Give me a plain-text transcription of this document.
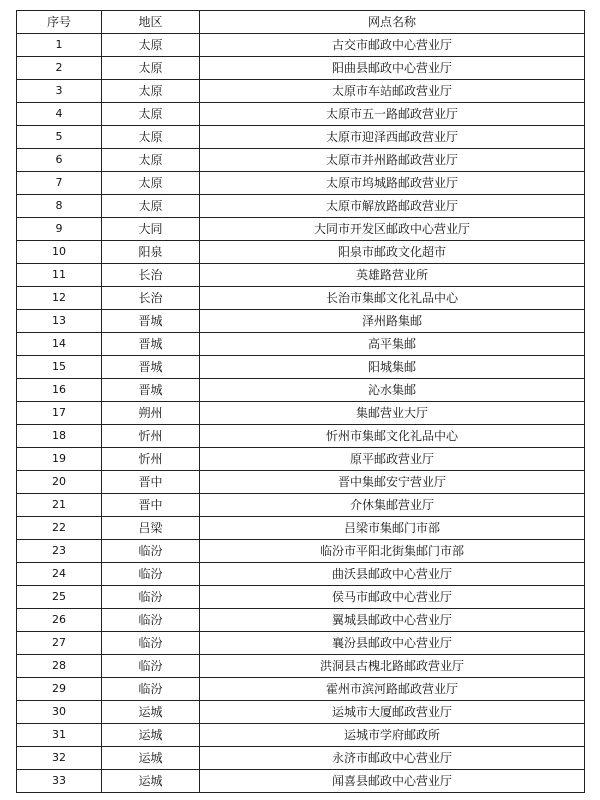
序号	地区	网点名称
1	太原	古交市邮政中心营业厅
2	太原	阳曲县邮政中心营业厅
3	太原	太原市车站邮政营业厅
4	太原	太原市五一路邮政营业厅
5	太原	太原市迎泽西邮政营业厅
6	太原	太原市并州路邮政营业厅
7	太原	太原市坞城路邮政营业厅
8	太原	太原市解放路邮政营业厅
9	大同	大同市开发区邮政中心营业厅
10	阳泉	阳泉市邮政文化超市
11	长治	英雄路营业所
12	长治	长治市集邮文化礼品中心
13	晋城	泽州路集邮
14	晋城	高平集邮
15	晋城	阳城集邮
16	晋城	沁水集邮
17	朔州	集邮营业大厅
18	忻州	忻州市集邮文化礼品中心
19	忻州	原平邮政营业厅
20	晋中	晋中集邮安宁营业厅
21	晋中	介休集邮营业厅
22	吕梁	吕梁市集邮门市部
23	临汾	临汾市平阳北街集邮门市部
24	临汾	曲沃县邮政中心营业厅
25	临汾	侯马市邮政中心营业厅
26	临汾	翼城县邮政中心营业厅
27	临汾	襄汾县邮政中心营业厅
28	临汾	洪洞县古槐北路邮政营业厅
29	临汾	霍州市滨河路邮政营业厅
30	运城	运城市大厦邮政营业厅
31	运城	运城市学府邮政所
32	运城	永济市邮政中心营业厅
33	运城	闻喜县邮政中心营业厅
